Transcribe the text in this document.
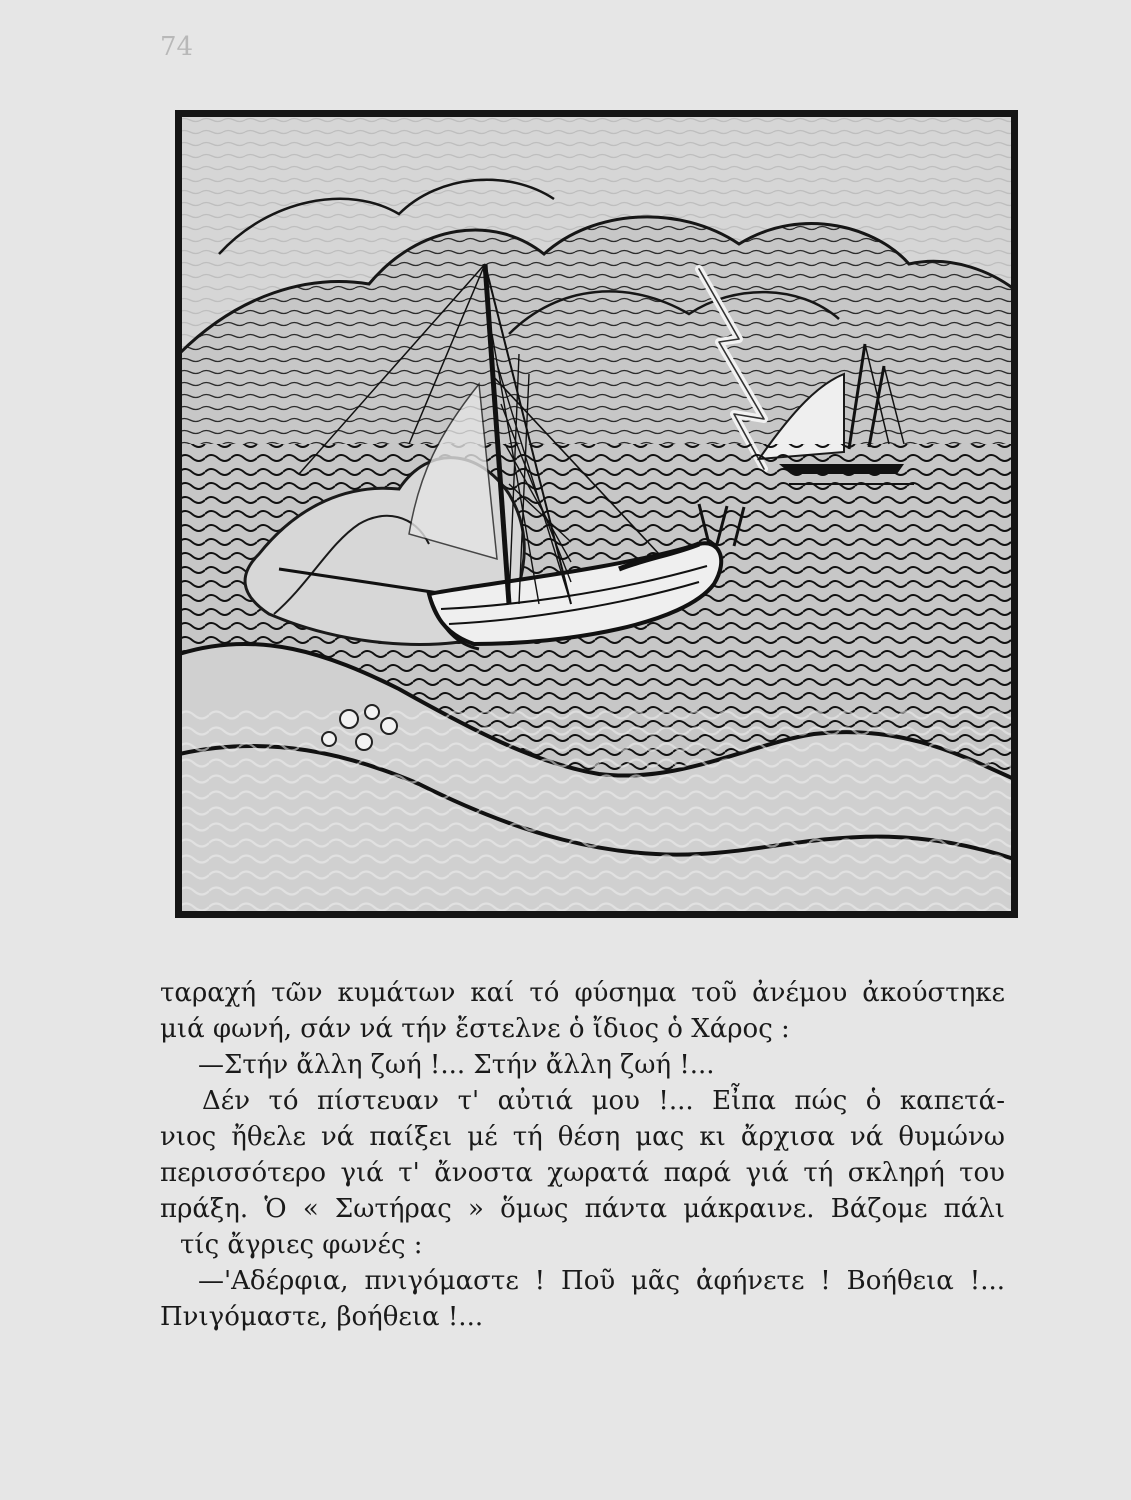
74
ταραχή τῶν κυμάτων καί τό φύσημα τοῦ ἀνέμου ἀκούστηκε
μιά φωνή, σάν νά τήν ἔστελνε ὁ ἴδιος ὁ Χάρος :
—Στήν ἄλλη ζωή !... Στήν ἄλλη ζωή !...
Δέν τό πίστευαν τ' αὐτιά μου !... Εἶπα πώς ὁ καπετά-
νιος ἤθελε νά παίξει μέ τή θέση μας κι ἄρχισα νά θυμώνω
περισσότερο γιά τ' ἄνοστα χωρατά παρά γιά τή σκληρή του
πράξη. Ὁ « Σωτήρας » ὅμως πάντα μάκραινε. Βάζομε πάλι
τίς ἄγριες φωνές :
—'Αδέρφια, πνιγόμαστε ! Ποῦ μᾶς ἀφήνετε ! Βοήθεια !...
Πνιγόμαστε, βοήθεια !...
